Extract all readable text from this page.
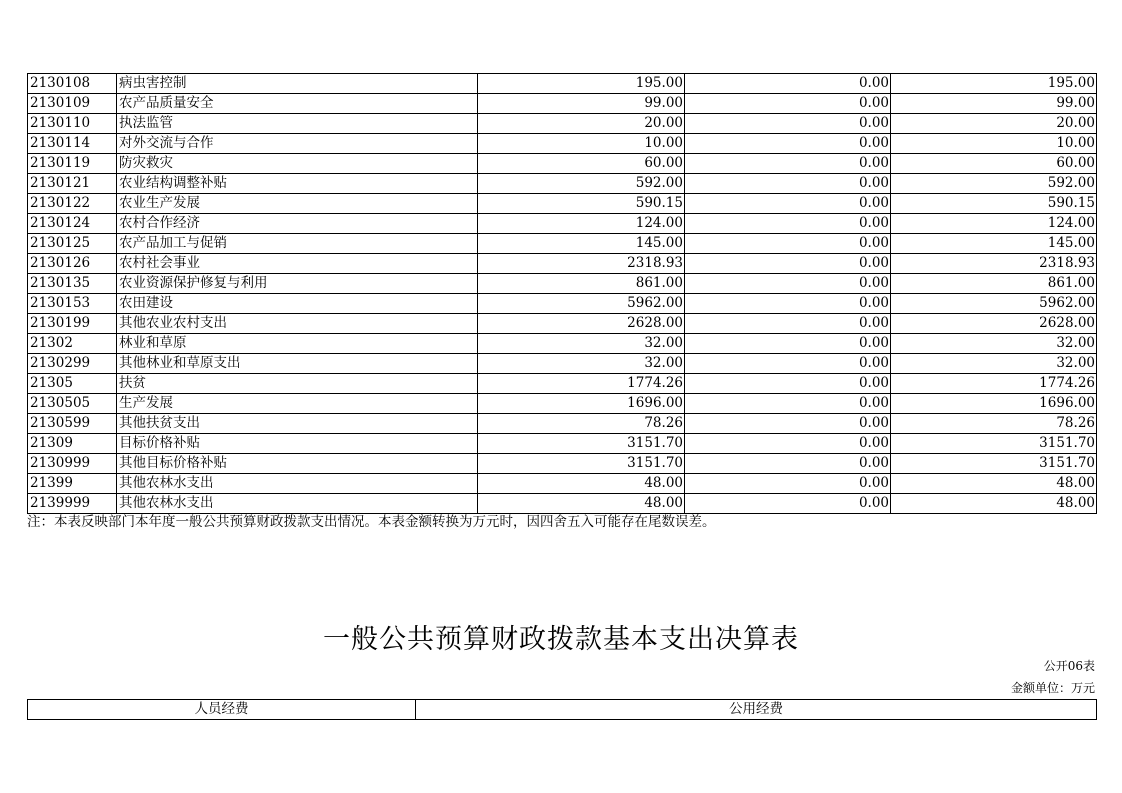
2130108	病虫害控制	195.00	0.00	195.00
2130109	农产品质量安全	99.00	0.00	99.00
2130110	执法监管	20.00	0.00	20.00
2130114	对外交流与合作	10.00	0.00	10.00
2130119	防灾救灾	60.00	0.00	60.00
2130121	农业结构调整补贴	592.00	0.00	592.00
2130122	农业生产发展	590.15	0.00	590.15
2130124	农村合作经济	124.00	0.00	124.00
2130125	农产品加工与促销	145.00	0.00	145.00
2130126	农村社会事业	2318.93	0.00	2318.93
2130135	农业资源保护修复与利用	861.00	0.00	861.00
2130153	农田建设	5962.00	0.00	5962.00
2130199	其他农业农村支出	2628.00	0.00	2628.00
21302	林业和草原	32.00	0.00	32.00
2130299	其他林业和草原支出	32.00	0.00	32.00
21305	扶贫	1774.26	0.00	1774.26
2130505	生产发展	1696.00	0.00	1696.00
2130599	其他扶贫支出	78.26	0.00	78.26
21309	目标价格补贴	3151.70	0.00	3151.70
2130999	其他目标价格补贴	3151.70	0.00	3151.70
21399	其他农林水支出	48.00	0.00	48.00
2139999	其他农林水支出	48.00	0.00	48.00
注：本表反映部门本年度一般公共预算财政拨款支出情况。本表金额转换为万元时，因四舍五入可能存在尾数误差。
一般公共预算财政拨款基本支出决算表
公开06表
金额单位：万元
人员经费	公用经费
